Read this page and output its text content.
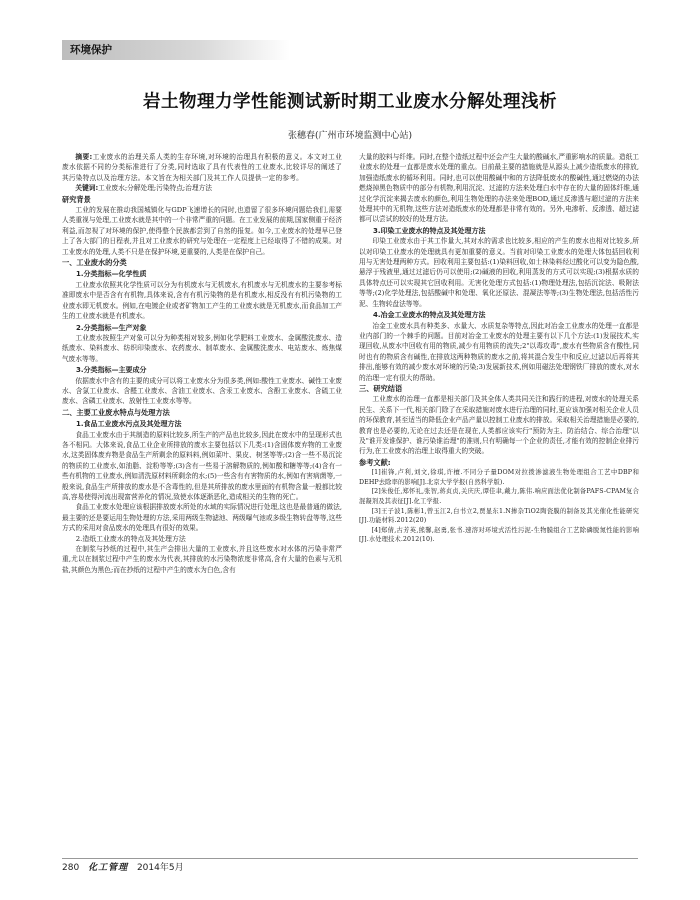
环境保护
岩土物理力学性能测试新时期工业废水分解处理浅析
张穗春(广州市环境监测中心站)

摘要:工业废水的治理关系人类的生存环境,对环境的治理具有积极的意义。本文对工业废水依据不同的分类标准进行了分类,同时选取了具有代表性的工业废水,比较详尽的阐述了其污染特点以及治理方法。本文旨在为相关部门及其工作人员提供一定的参考。

关键词:工业废水;分解处理;污染特点;治理方法

研究背景

工业的发展在推动我国城镇化与GDP飞速增长的同时,也遗留了很多环境问题给我们,需要人类重视与处理,工业废水就是其中的一个非常严重的问题。在工业发展的前期,国家侧重于经济利益,而忽视了对环境的保护,使得整个民族都尝到了自然的报复。如今,工业废水的处理早已登上了各大部门的日程表,并且对工业废水的研究与处理在一定程度上已经取得了不错的成果。对工业废水的处理,人类不只是在保护环境,更重要的,人类是在保护自己。

一、工业废水的分类
1.分类指标—化学性质

工业废水依照其化学性质可以分为有机废水与无机废水,有机废水与无机废水的主要参考标准即废水中是否含有有机物,具体来说,含有有机污染物的是有机废水,相反没有有机污染物的工业废水即无机废水。例如,在电镀企业或者矿物加工产生的工业废水就是无机废水,而食品加工产生的工业废水就是有机废水。

2.分类指标—生产对象

工业废水按照生产对象可以分为种类相对较多,例如化学肥料工业废水、金属酸洗废水、造纸废水、染料废水、纺织印染废水、农药废水、制革废水、金属酸洗废水、电站废水、炼焦煤气废水等等。

3.分类指标—主要成分

依据废水中含有的主要的成分可以将工业废水分为很多类,例如:酸性工业废水、碱性工业废水、含氯工业废水、含醛工业废水、含油工业废水、含汞工业废水、含酚工业废水、含硫工业废水、含磷工业废水、放射性工业废水等等。

二、主要工业废水特点与处理方法
1.食品工业废水污点及其处理方法

食品工业废水由于其制造的原料比较多,所生产的产品也比较多,因此在废水中的呈现形式也各不相同。大体来说,食品工业企业所排放的废水主要包括以下几类:(1)含固体废弃物的工业废水,这类固体废弃物是食品生产所剩余的原料料,例如菜叶、果皮、树茎等等;(2)含一些不易沉淀的物质的工业废水,如油脂、淀粉等等;(3)含有一些易于溶解物质的,例如酸和糖等等;(4)含有一些有机物的工业废水,例如清洗原材料所剩余的水;(5)一些含有有害物质的水,例如有害病菌等,一般来说,食品生产所排放的废水是不含毒性的,但是其所排放的废水里面的有机物含量一般都比较高,容易使得河流出现富营养化的情况,致使水体逐渐恶化,造成相关的生物的死亡。

食品工业废水处理应该根据排放废水所处的水域的实际情况进行处理,这也是最普通的做法,最主要的还是要运用生物处理的方法,采用两级生物滤池、两级曝气池或多级生物转盘等等,这些方式的采用对食品废水的处理具有很好的效果。

2.造纸工业废水的特点及其处理方法

在制浆与抄纸的过程中,其生产会排出大量的工业废水,并且这些废水对水体的污染非常严重,尤以在制浆过程中产生的废水为代表,其排放的水污染物浓度非常高,含有大量的色素与无机盐,其颜色为黑色;而在抄纸的过程中产生的废水为白色,含有

大量的胶料与纤维。同时,在整个造纸过程中还会产生大量的酸碱水,严重影响水的质量。造纸工业废水的处理一直都是废水处理的重点。目前最主要的措施就是从源头上减少造纸废水的排放,加强造纸废水的循环利用。同时,也可以使用酸碱中和的方法降低废水的酸碱性,通过燃烧的办法燃烧掉黑色物质中的部分有机物,利用沉淀、过滤的方法来处理白水中存在的大量的固体纤维,通过化学沉淀来揭去废水的颜色,利用生物处理的办法来处理BOD,通过反渗透与超过滤的方法来处理其中的无机物,这些方法对造纸废水的处理都是非常有效的。另外,电渗析、反渗透、超过滤都可以尝试的较好的处理方法。

3.印染工业废水的特点及其处理方法

印染工业废水由于其工作量大,其对水的需求也比较多,相应的产生的废水也相对比较多,所以对印染工业废水的处理就具有更加重要的意义。当前对印染工业废水的处理大体包括回收利用与无害处理两种方式。回收利用主要包括:(1)染料回收,如士林染料经过酸化可以变为隐色酸,悬浮于残液里,通过过滤后仍可以使用;(2)碱液的回收,利用蒸发的方式可以实现;(3)根据水质的具体特点还可以实现其它回收利用。无害化处理方式包括:(1)物理处理法,包括沉淀法、吸附法等等;(2)化学处理法,包括酸碱中和处理、氧化还原法、混凝法等等;(3)生物处理法,包括活性污泥、生物转盘法等等。

4.冶金工业废水的特点及其处理方法

冶金工业废水具有种类多、水量大、水质复杂等特点,因此对冶金工业废水的处理一直都是业内部门的一个棘手的问题。目前对冶金工业废水的处理主要有以下几个方法:(1)发展技术,实现回收,从废水中回收有用的物质,减少有用物质的流失;2"以毒攻毒",废水有些物质含有酸性,同时也有的物质含有碱性,在排放这两种物质的废水之前,将其混合发生中和反应,过滤以后再将其排出,能够有效的减少废水对环境的污染;3)发展新技术,例如用磁法处理钢铁厂排放的废水,对水的治理一定有很大的帮助。

三、研究结语

工业废水的治理一直都是相关部门及其全体人类共同关注和践行的进程,对废水的处理关系民生、关系下一代,相关部门除了在采取措施对废水进行治理的同时,更应该加强对相关企业人员的环保教育,甚至适当的降低企业产品产量以控制工业废水的排放。采取相关治理措施是必要的,教育也是必要的,无论在过去还是在现在,人类都应该实行"预防为主、防治结合、综合治理"以及"谁开发谁保护、谁污染谁治理"的准则,只有明确每一个企业的责任,才能有效的控制企业排污行为,在工业废水的治理上取得重大的突破。

参考文献:

[1]崔锋,卢利,刘文,徐琪,许檀.不同分子量DOM对拉拨渗滤液生物处理组合工艺中DBP和DEHP去除率的影响[J].北京大学学报(自然科学版).

[2]朱俊任,郑怀礼,张智,蒋贞贞,关庆庆,谭佳聿,戴力,陈伟.响应面法优化制备PAFS-CPAM复合混凝剂及其表征[J].化工学报.

[3]王子波1,陈彬1,曾玉江2,白书立2,贾显东1.N掺杂TiO2陶瓷膜的制备及其光催化性能研究[J].功能材料.2012(20)

[4]郑倩,古芳英,熊馨,赵勇,张书.速溶对环境式活性污泥-生物膜组合工艺除磷脱氮性能的影响[J].水处理技术.2012(10).

280 化工管理 2014年5月
